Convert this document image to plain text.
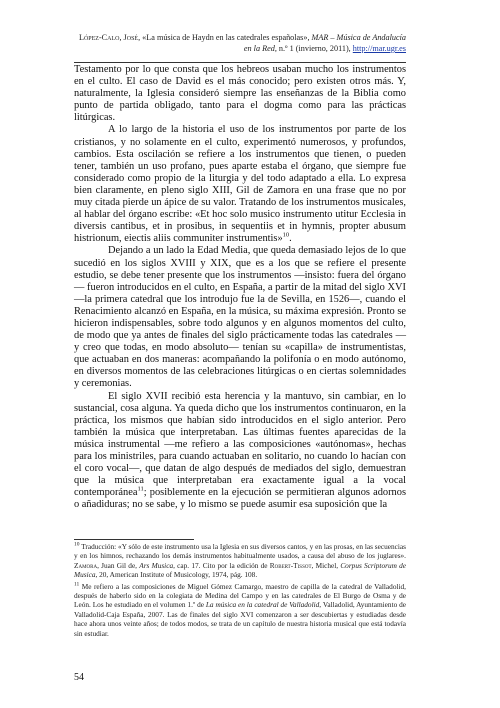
López-Calo, José, «La música de Haydn en las catedrales españolas», MAR – Música de Andalucía en la Red, n.º 1 (invierno, 2011), http://mar.ugr.es

Testamento por lo que consta que los hebreos usaban mucho los instrumentos en el culto. El caso de David es el más conocido; pero existen otros más. Y, naturalmente, la Iglesia consideró siempre las enseñanzas de la Biblia como punto de partida obligado, tanto para el dogma como para las prácticas litúrgicas.

A lo largo de la historia el uso de los instrumentos por parte de los cristianos, y no solamente en el culto, experimentó numerosos, y profundos, cambios. Esta oscilación se refiere a los instrumentos que tienen, o pueden tener, también un uso profano, pues aparte estaba el órgano, que siempre fue considerado como propio de la liturgia y del todo adaptado a ella. Lo expresa bien claramente, en pleno siglo XIII, Gil de Zamora en una frase que no por muy citada pierde un ápice de su valor. Tratando de los instrumentos musicales, al hablar del órgano escribe: «Et hoc solo musico instrumento utitur Ecclesia in diversis cantibus, et in prosibus, in sequentiis et in hymnis, propter abusum histrionum, eiectis aliis communiter instrumentis»$^{10}$.

Dejando a un lado la Edad Media, que queda demasiado lejos de lo que sucedió en los siglos XVIII y XIX, que es a los que se refiere el presente estudio, se debe tener presente que los instrumentos —insisto: fuera del órgano— fueron introducidos en el culto, en España, a partir de la mitad del siglo XVI—la primera catedral que los introdujo fue la de Sevilla, en 1526—, cuando el Renacimiento alcanzó en España, en la música, su máxima expresión. Pronto se hicieron indispensables, sobre todo algunos y en algunos momentos del culto, de modo que ya antes de finales del siglo prácticamente todas las catedrales —y creo que todas, en modo absoluto— tenían su «capilla» de instrumentistas, que actuaban en dos maneras: acompañando la polifonía o en modo autónomo, en diversos momentos de las celebraciones litúrgicas o en ciertas solemnidades y ceremonias.

El siglo XVII recibió esta herencia y la mantuvo, sin cambiar, en lo sustancial, cosa alguna. Ya queda dicho que los instrumentos continuaron, en la práctica, los mismos que habían sido introducidos en el siglo anterior. Pero también la música que interpretaban. Las últimas fuentes aparecidas de la música instrumental —me refiero a las composiciones «autónomas», hechas para los ministriles, para cuando actuaban en solitario, no cuando lo hacían con el coro vocal—, que datan de algo después de mediados del siglo, demuestran que la música que interpretaban era exactamente igual a la vocal contemporánea$^{11}$; posiblemente en la ejecución se permitieran algunos adornos o añadiduras; no se sabe, y lo mismo se puede asumir esa suposición que la

$^{10}$ Traducción: «Y sólo de este instrumento usa la Iglesia en sus diversos cantos, y en las prosas, en las secuencias y en los himnos, rechazando los demás instrumentos habitualmente usados, a causa del abuso de los juglares». Zamora, Juan Gil de, Ars Musica, cap. 17. Cito por la edición de Robert-Tissot, Michel, Corpus Scriptorum de Musica, 20, American Institute of Musicology, 1974, pág. 108.

$^{11}$ Me refiero a las composiciones de Miguel Gómez Camargo, maestro de capilla de la catedral de Valladolid, después de haberlo sido en la colegiata de Medina del Campo y en las catedrales de El Burgo de Osma y de León. Los he estudiado en el volumen 1.º de La música en la catedral de Valladolid, Valladolid, Ayuntamiento de Valladolid-Caja España, 2007. Las de finales del siglo XVI comenzaron a ser descubiertas y estudiadas desde hace ahora unos veinte años; de todos modos, se trata de un capítulo de nuestra historia musical que está todavía sin estudiar.

54
